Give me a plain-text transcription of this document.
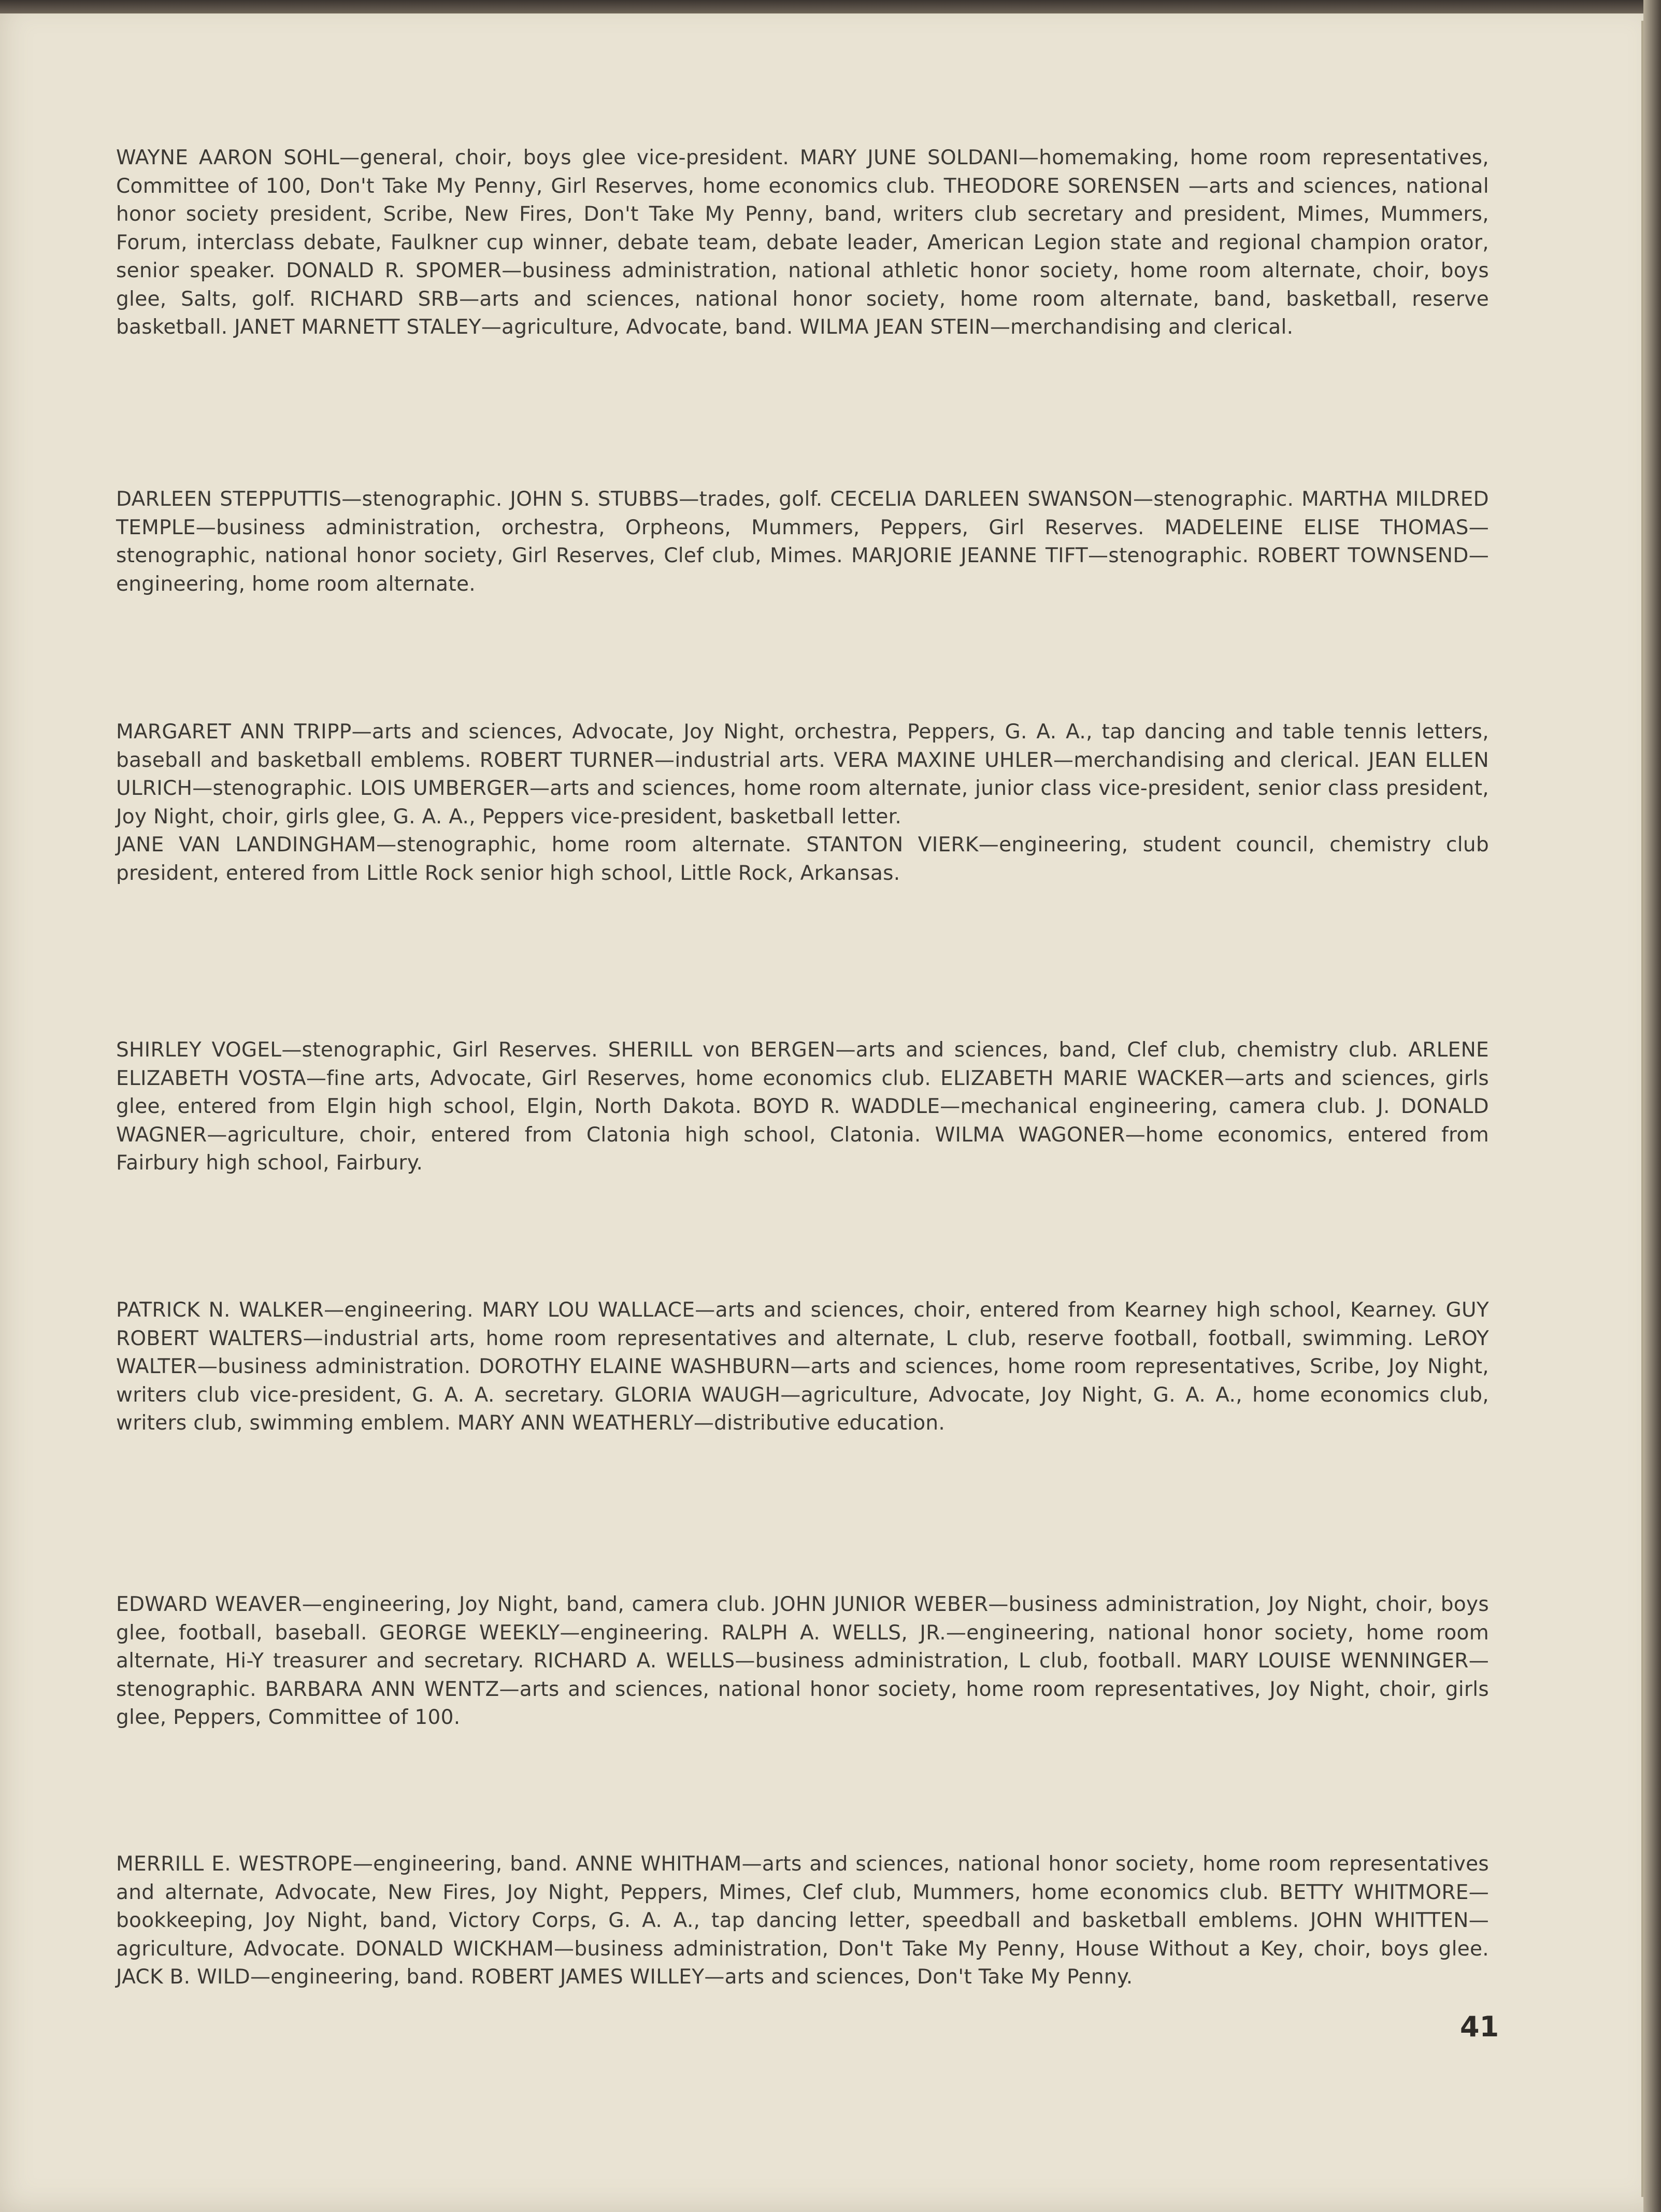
WAYNE AARON SOHL—general, choir, boys glee vice-president. MARY JUNE SOLDANI—homemaking, home room representatives, Committee of 100, Don't Take My Penny, Girl Reserves, home economics club. THEODORE SORENSEN —arts and sciences, national honor society president, Scribe, New Fires, Don't Take My Penny, band, writers club secretary and president, Mimes, Mummers, Forum, interclass debate, Faulkner cup winner, debate team, debate leader, American Legion state and regional champion orator, senior speaker. DONALD R. SPOMER—business administration, national athletic honor society, home room alternate, choir, boys glee, Salts, golf. RICHARD SRB—arts and sciences, national honor society, home room alternate, band, basketball, reserve basketball. JANET MARNETT STALEY—agriculture, Advocate, band. WILMA JEAN STEIN—merchandising and clerical.

DARLEEN STEPPUTTIS—stenographic. JOHN S. STUBBS—trades, golf. CECELIA DARLEEN SWANSON—stenographic. MARTHA MILDRED TEMPLE—business administration, orchestra, Orpheons, Mummers, Peppers, Girl Reserves. MADELEINE ELISE THOMAS—stenographic, national honor society, Girl Reserves, Clef club, Mimes. MARJORIE JEANNE TIFT—stenographic. ROBERT TOWNSEND—engineering, home room alternate.

MARGARET ANN TRIPP—arts and sciences, Advocate, Joy Night, orchestra, Peppers, G. A. A., tap dancing and table tennis letters, baseball and basketball emblems. ROBERT TURNER—industrial arts. VERA MAXINE UHLER—merchandising and clerical. JEAN ELLEN ULRICH—stenographic. LOIS UMBERGER—arts and sciences, home room alternate, junior class vice-president, senior class president, Joy Night, choir, girls glee, G. A. A., Peppers vice-president, basketball letter.

JANE VAN LANDINGHAM—stenographic, home room alternate. STANTON VIERK—engineering, student council, chemistry club president, entered from Little Rock senior high school, Little Rock, Arkansas.

SHIRLEY VOGEL—stenographic, Girl Reserves. SHERILL von BERGEN—arts and sciences, band, Clef club, chemistry club. ARLENE ELIZABETH VOSTA—fine arts, Advocate, Girl Reserves, home economics club. ELIZABETH MARIE WACKER—arts and sciences, girls glee, entered from Elgin high school, Elgin, North Dakota. BOYD R. WADDLE—mechanical engineering, camera club. J. DONALD WAGNER—agriculture, choir, entered from Clatonia high school, Clatonia. WILMA WAGONER—home economics, entered from Fairbury high school, Fairbury.

PATRICK N. WALKER—engineering. MARY LOU WALLACE—arts and sciences, choir, entered from Kearney high school, Kearney. GUY ROBERT WALTERS—industrial arts, home room representatives and alternate, L club, reserve football, football, swimming. LeROY WALTER—business administration. DOROTHY ELAINE WASHBURN—arts and sciences, home room representatives, Scribe, Joy Night, writers club vice-president, G. A. A. secretary. GLORIA WAUGH—agriculture, Advocate, Joy Night, G. A. A., home economics club, writers club, swimming emblem. MARY ANN WEATHERLY—distributive education.

EDWARD WEAVER—engineering, Joy Night, band, camera club. JOHN JUNIOR WEBER—business administration, Joy Night, choir, boys glee, football, baseball. GEORGE WEEKLY—engineering. RALPH A. WELLS, JR.—engineering, national honor society, home room alternate, Hi-Y treasurer and secretary. RICHARD A. WELLS—business administration, L club, football. MARY LOUISE WENNINGER—stenographic. BARBARA ANN WENTZ—arts and sciences, national honor society, home room representatives, Joy Night, choir, girls glee, Peppers, Committee of 100.

MERRILL E. WESTROPE—engineering, band. ANNE WHITHAM—arts and sciences, national honor society, home room representatives and alternate, Advocate, New Fires, Joy Night, Peppers, Mimes, Clef club, Mummers, home economics club. BETTY WHITMORE—bookkeeping, Joy Night, band, Victory Corps, G. A. A., tap dancing letter, speedball and basketball emblems. JOHN WHITTEN—agriculture, Advocate. DONALD WICKHAM—business administration, Don't Take My Penny, House Without a Key, choir, boys glee. JACK B. WILD—engineering, band. ROBERT JAMES WILLEY—arts and sciences, Don't Take My Penny.

41
